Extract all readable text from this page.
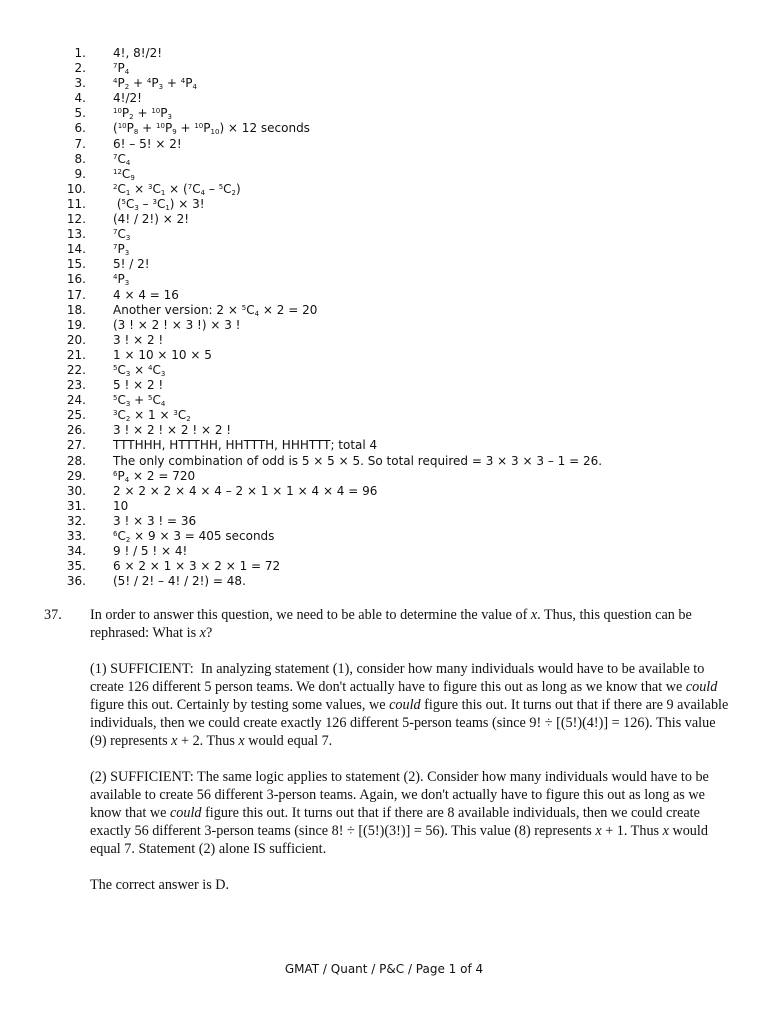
1. 4!, 8!/2!
2.	$^7P_4$
3.	$^4P_2 + ^4P_3 + ^4P_4$
4. 4!/2!
5.	$^{10}P_2 + ^{10}P_3$
6. $(^{10}P_8 + ^{10}P_9 + ^{10}P_{10}) \times 12$ seconds
7. 6! – 5! × 2!
8.	$^7C_4$
9.	$^{12}C_9$
10.	$^2C_1 \times ^3C_1 \times (^7C_4 - ^5C_2)$
11. $(^5C_3 - ^3C_1) \times 3$!
12. (4! / 2!) × 2!
13.	$^7C_3$
14.	$^7P_3$
15. 5! / 2!
16.	$^4P_3$
17. 4 × 4 = 16
18. Another version: $2 \times ^5C_4 \times 2 = 20$
19. (3 ! × 2 ! × 3 !) × 3 !
20. 3 ! × 2 !
21. 1 × 10 × 10 × 5
22.	$^5C_3 \times ^4C_3$
23. 5 ! × 2 !
24.	$^5C_3 + ^5C_4$
25.	$^3C_2 \times 1 \times ^3C_2$
26. 3 ! × 2 ! × 2 ! × 2 !
27. TTTHHH, HTTTHH, HHTTTH, HHHTTT; total 4
28. The only combination of odd is 5 × 5 × 5. So total required = 3 × 3 × 3 – 1 = 26.
29.	$^6P_4 \times 2 = 720$
30. 2 × 2 × 2 × 4 × 4 – 2 × 1 × 1 × 4 × 4 = 96
31. 10
32. 3 ! × 3 ! = 36
33.	$^6C_2 \times 9 \times 3 = 405$ seconds
34. 9 ! / 5 ! × 4!
35. 6 × 2 × 1 × 3 × 2 × 1 = 72
36. (5! / 2! – 4! / 2!) = 48.
37. In order to answer this question, we need to be able to determine the value of x. Thus, this question can be rephrased: What is x?

(1) SUFFICIENT:  In analyzing statement (1), consider how many individuals would have to be available to create 126 different 5 person teams. We don't actually have to figure this out as long as we know that we could figure this out. Certainly by testing some values, we could figure this out. It turns out that if there are 9 available individuals, then we could create exactly 126 different 5-person teams (since 9! ÷ [(5!)(4!)] = 126). This value (9) represents x + 2. Thus x would equal 7.

(2) SUFFICIENT: The same logic applies to statement (2). Consider how many individuals would have to be available to create 56 different 3-person teams. Again, we don't actually have to figure this out as long as we know that we could figure this out. It turns out that if there are 8 available individuals, then we could create exactly 56 different 3-person teams (since 8! ÷ [(5!)(3!)] = 56). This value (8) represents x + 1. Thus x would equal 7. Statement (2) alone IS sufficient.

The correct answer is D.

GMAT / Quant / P&C / Page 1 of 4
